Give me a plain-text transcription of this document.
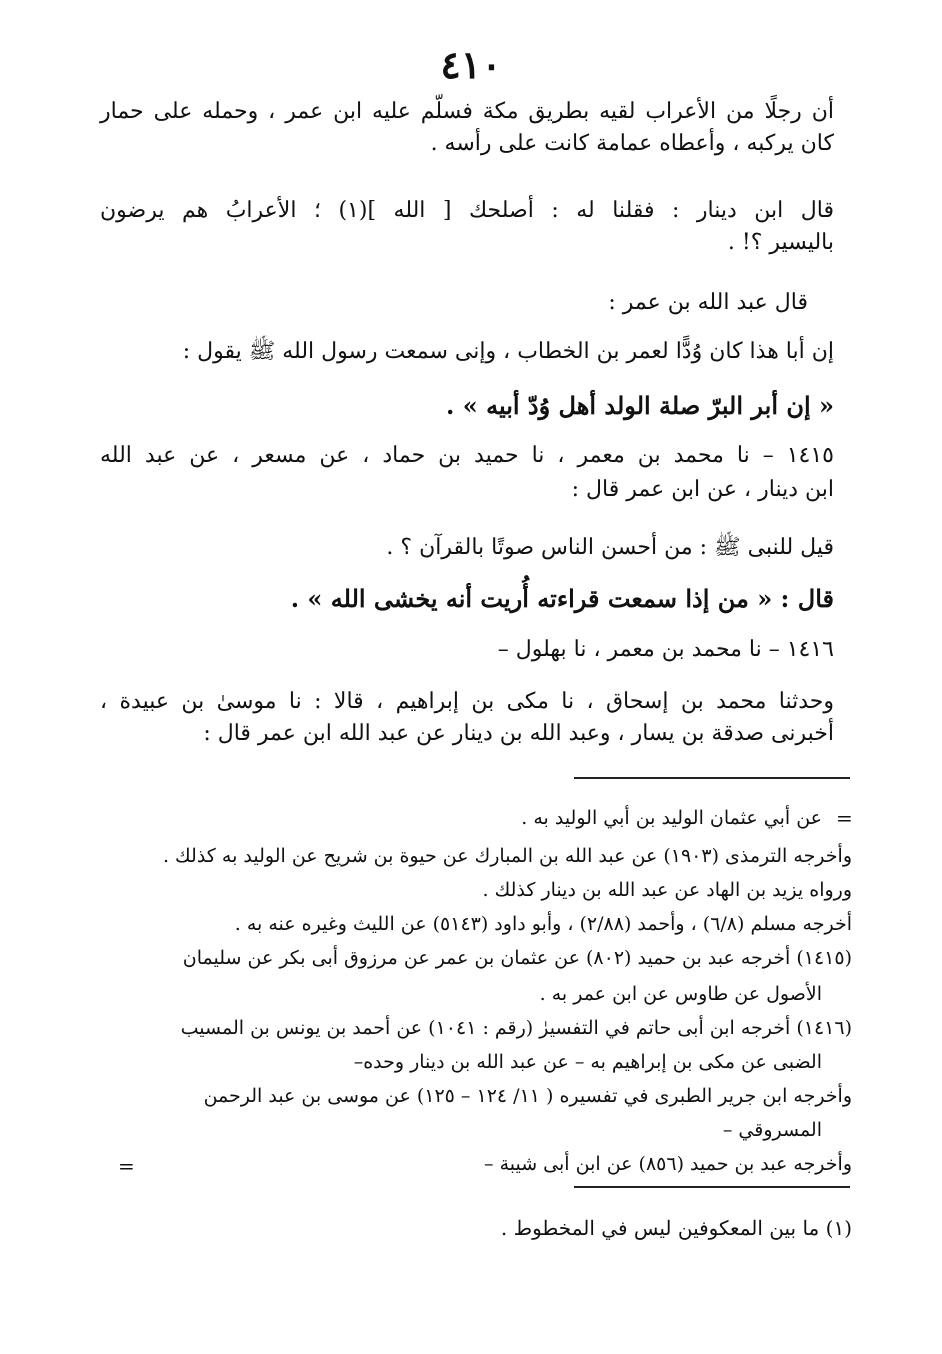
٤١٠
أن رجلًا من الأعراب لقيه بطريق مكة فسلّم عليه ابن عمر ، وحمله على حمار
كان يركبه ، وأعطاه عمامة كانت على رأسه .
قال ابن دينار : فقلنا له : أصلحك [ الله ](١) ؛ الأعرابُ هم يرضون
باليسير ؟! .
قال عبد الله بن عمر :
إن أبا هذا كان وُدًّا لعمر بن الخطاب ، وإنى سمعت رسول الله ﷺ يقول :
« إن أبر البرّ صلة الولد أهل وُدّ أبيه » .
١٤١٥ – نا محمد بن معمر ، نا حميد بن حماد ، عن مسعر ، عن عبد الله
ابن دينار ، عن ابن عمر قال :
قيل للنبى ﷺ : من أحسن الناس صوتًا بالقرآن ؟ .
قال : « من إذا سمعت قراءته أُريت أنه يخشى الله » .
١٤١٦ – نا محمد بن معمر ، نا بهلول –
وحدثنا محمد بن إسحاق ، نا مكى بن إبراهيم ، قالا : نا موسىٰ بن عبيدة ،
أخبرنى صدقة بن يسار ، وعبد الله بن دينار عن عبد الله ابن عمر قال :
=
عن أبي عثمان الوليد بن أبي الوليد به .
وأخرجه الترمذى (١٩٠٣) عن عبد الله بن المبارك عن حيوة بن شريح عن الوليد به كذلك .
ورواه يزيد بن الهاد عن عبد الله بن دينار كذلك .
أخرجه مسلم (٦/٨) ، وأحمد (٢/٨٨) ، وأبو داود (٥١٤٣) عن الليث وغيره عنه به .
(١٤١٥) أخرجه عبد بن حميد (٨٠٢) عن عثمان بن عمر عن مرزوق أبى بكر عن سليمان
الأصول عن طاوس عن ابن عمر به .
(١٤١٦) أخرجه ابن أبى حاتم في التفسيرٰ (رقم : ١٠٤١) عن أحمد بن يونس بن المسيب
الضبى عن مكى بن إبراهيم به – عن عبد الله بن دينار وحده–
وأخرجه ابن جرير الطبرى في تفسيره ( ١١/ ١٢٤ – ١٢٥) عن موسى بن عبد الرحمن
المسروقي –
وأخرجه عبد بن حميد (٨٥٦) عن ابن أبى شيبة –
=
(١) ما بين المعكوفين ليس في المخطوط .
